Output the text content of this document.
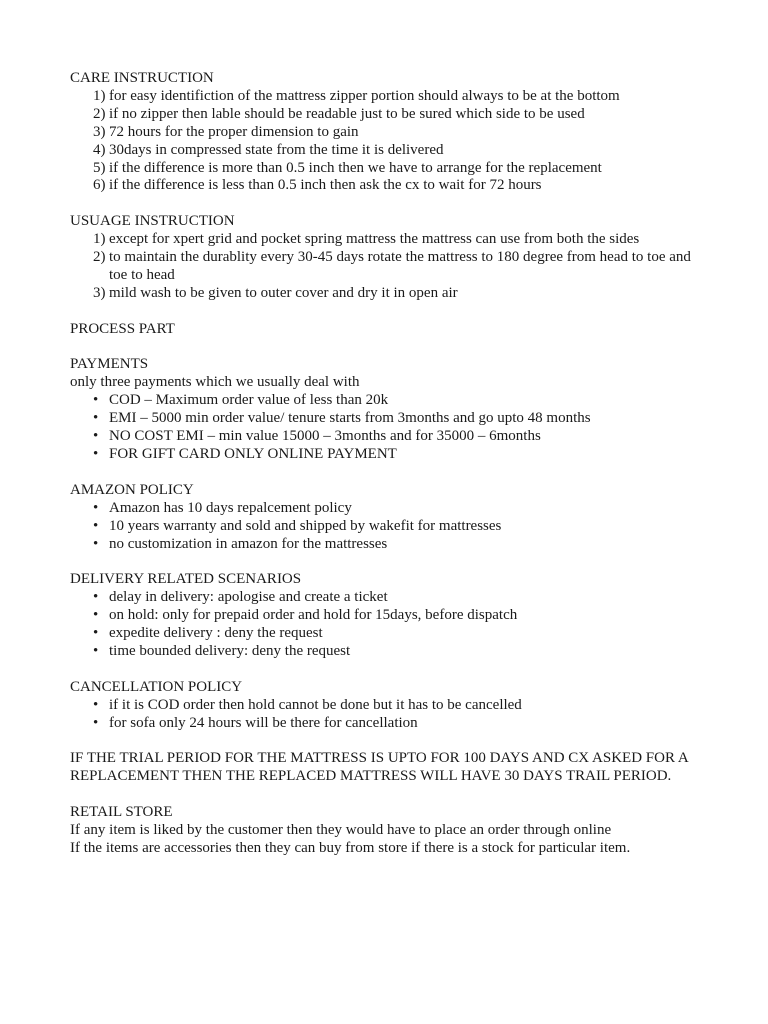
CARE INSTRUCTION
1) for easy identifiction of the mattress zipper portion should always to be at the bottom
2) if no zipper then lable should be readable just to be sured which side to be used
3) 72 hours for the proper dimension to gain
4) 30days in compressed state from the time it is delivered
5) if the difference is more than 0.5 inch then we have to arrange for the replacement
6) if the difference is less than 0.5 inch then ask the cx to wait for 72 hours
USUAGE INSTRUCTION
1) except for xpert grid and pocket spring mattress the mattress can use from both the sides
2) to maintain the durablity every 30-45 days rotate the mattress to 180 degree from head to toe and toe to head
3) mild wash to be given to outer cover and dry it in open air
PROCESS PART
PAYMENTS

only three payments which we usually deal with

• COD – Maximum order value of less than 20k
• EMI – 5000 min order value/ tenure starts from 3months and go upto 48 months
• NO COST EMI – min value 15000 – 3months and for 35000 – 6months
• FOR GIFT CARD ONLY ONLINE PAYMENT
AMAZON POLICY
• Amazon has 10 days repalcement policy
• 10 years warranty and sold and shipped by wakefit for mattresses
• no customization in amazon for the mattresses
DELIVERY RELATED SCENARIOS
• delay in delivery: apologise and create a ticket
• on hold: only for prepaid order and hold for 15days, before dispatch
• expedite delivery : deny the request
• time bounded delivery: deny the request
CANCELLATION POLICY
• if it is COD order then hold cannot be done but it has to be cancelled
• for sofa only 24 hours will be there for cancellation

IF THE TRIAL PERIOD FOR THE MATTRESS IS UPTO FOR 100 DAYS AND CX ASKED FOR A REPLACEMENT THEN THE REPLACED MATTRESS WILL HAVE 30 DAYS TRAIL PERIOD.

RETAIL STORE

If any item is liked by the customer then they would have to place an order through online

If the items are accessories then they can buy from store if there is a stock for particular item.
